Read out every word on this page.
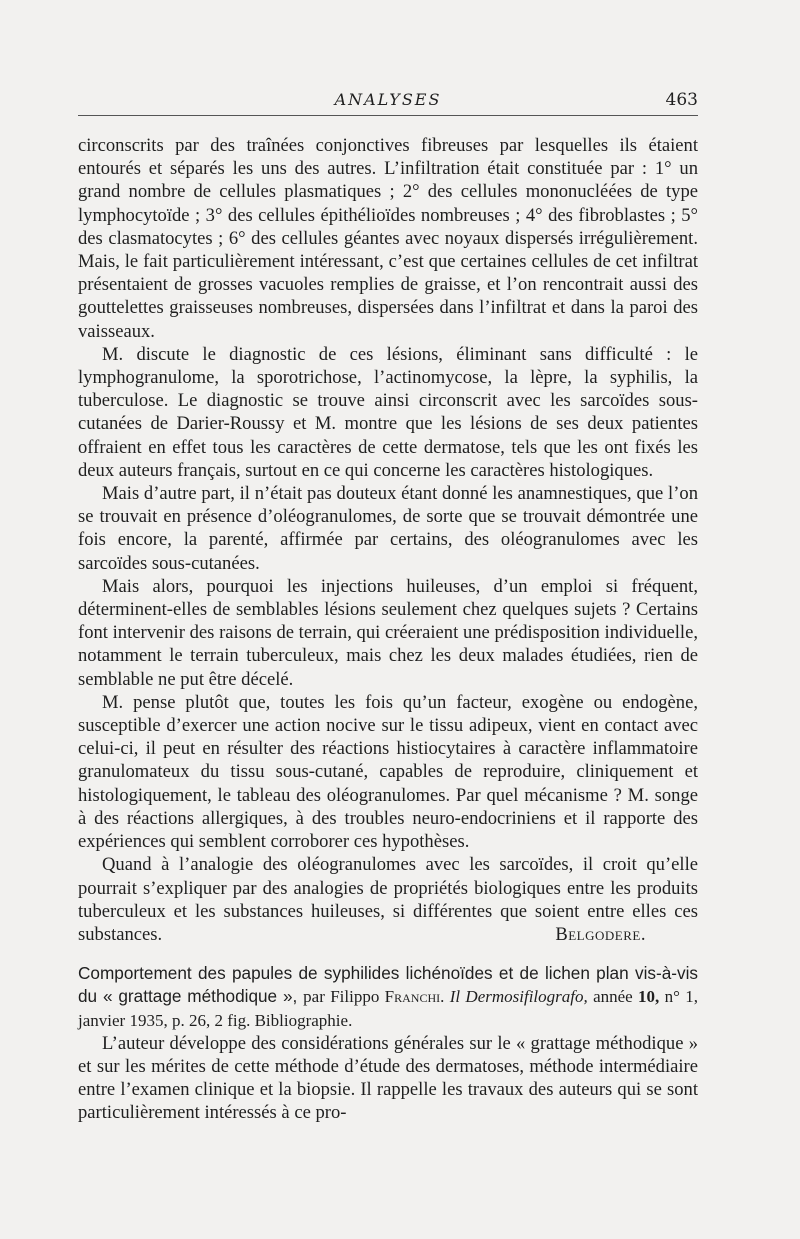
ANALYSES	463

circonscrits par des traînées conjonctives fibreuses par lesquelles ils étaient entourés et séparés les uns des autres. L’infiltration était constituée par : 1° un grand nombre de cellules plasmatiques ; 2° des cellules mononucléées de type lymphocytoïde ; 3° des cellules épithélioïdes nombreuses ; 4° des fibroblastes ; 5° des clasmatocytes ; 6° des cellules géantes avec noyaux dispersés irrégulièrement. Mais, le fait particulièrement intéressant, c’est que certaines cellules de cet infiltrat présentaient de grosses vacuoles remplies de graisse, et l’on rencontrait aussi des gouttelettes graisseuses nombreuses, dispersées dans l’infiltrat et dans la paroi des vaisseaux.

M. discute le diagnostic de ces lésions, éliminant sans difficulté : le lymphogranulome, la sporotrichose, l’actinomycose, la lèpre, la syphilis, la tuberculose. Le diagnostic se trouve ainsi circonscrit avec les sarcoïdes sous-cutanées de Darier-Roussy et M. montre que les lésions de ses deux patientes offraient en effet tous les caractères de cette dermatose, tels que les ont fixés les deux auteurs français, surtout en ce qui concerne les caractères histologiques.

Mais d’autre part, il n’était pas douteux étant donné les anamnestiques, que l’on se trouvait en présence d’oléogranulomes, de sorte que se trouvait démontrée une fois encore, la parenté, affirmée par certains, des oléogranulomes avec les sarcoïdes sous-cutanées.

Mais alors, pourquoi les injections huileuses, d’un emploi si fréquent, déterminent-elles de semblables lésions seulement chez quelques sujets ? Certains font intervenir des raisons de terrain, qui créeraient une prédisposition individuelle, notamment le terrain tuberculeux, mais chez les deux malades étudiées, rien de semblable ne put être décelé.

M. pense plutôt que, toutes les fois qu’un facteur, exogène ou endogène, susceptible d’exercer une action nocive sur le tissu adipeux, vient en contact avec celui-ci, il peut en résulter des réactions histiocytaires à caractère inflammatoire granulomateux du tissu sous-cutané, capables de reproduire, cliniquement et histologiquement, le tableau des oléogranulomes. Par quel mécanisme ? M. songe à des réactions allergiques, à des troubles neuro-endocriniens et il rapporte des expériences qui semblent corroborer ces hypothèses.

Quand à l’analogie des oléogranulomes avec les sarcoïdes, il croit qu’elle pourrait s’expliquer par des analogies de propriétés biologiques entre les produits tuberculeux et les substances huileuses, si différentes que soient entre elles ces substances.	Belgodere.

Comportement des papules de syphilides lichénoïdes et de lichen plan vis-à-vis du « grattage méthodique », par Filippo Franchi. Il Dermosifilografo, année 10, n° 1, janvier 1935, p. 26, 2 fig. Bibliographie.

L’auteur développe des considérations générales sur le « grattage méthodique » et sur les mérites de cette méthode d’étude des dermatoses, méthode intermédiaire entre l’examen clinique et la biopsie. Il rappelle les travaux des auteurs qui se sont particulièrement intéressés à ce pro-
